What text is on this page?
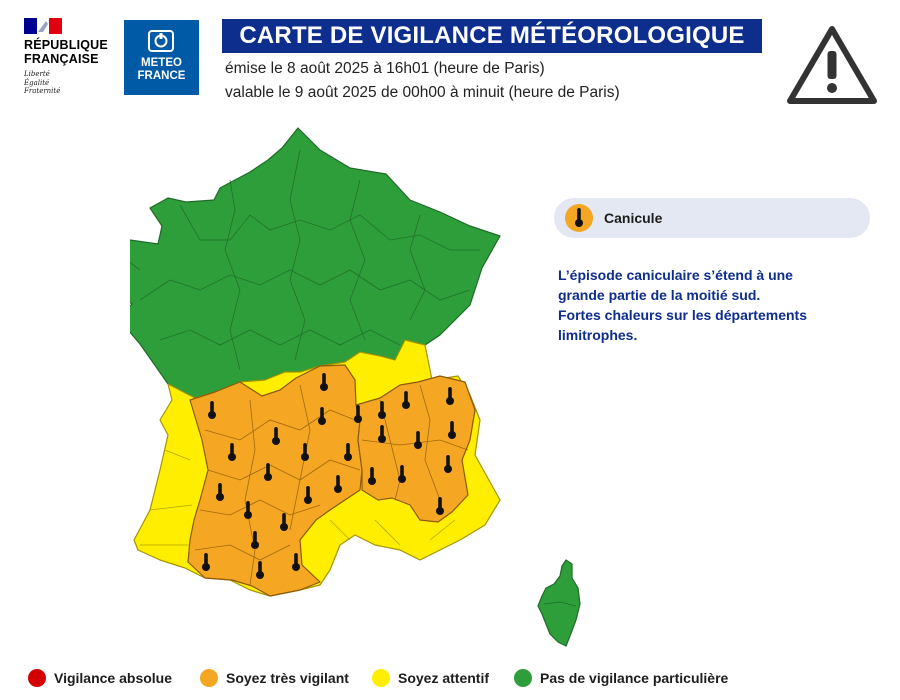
RÉPUBLIQUE
FRANÇAISE
Liberté
Égalité
Fraternité
METEO
FRANCE
CARTE DE VIGILANCE MÉTÉOROLOGIQUE
émise le 8 août 2025 à 16h01 (heure de Paris)
valable le 9 août 2025 de 00h00 à minuit (heure de Paris)
Canicule

L’épisode caniculaire s’étend à une

grande partie de la moitié sud.

Fortes chaleurs sur les départements

limitrophes.

Vigilance absolue	Soyez très vigilant	Soyez attentif	Pas de vigilance particulière
